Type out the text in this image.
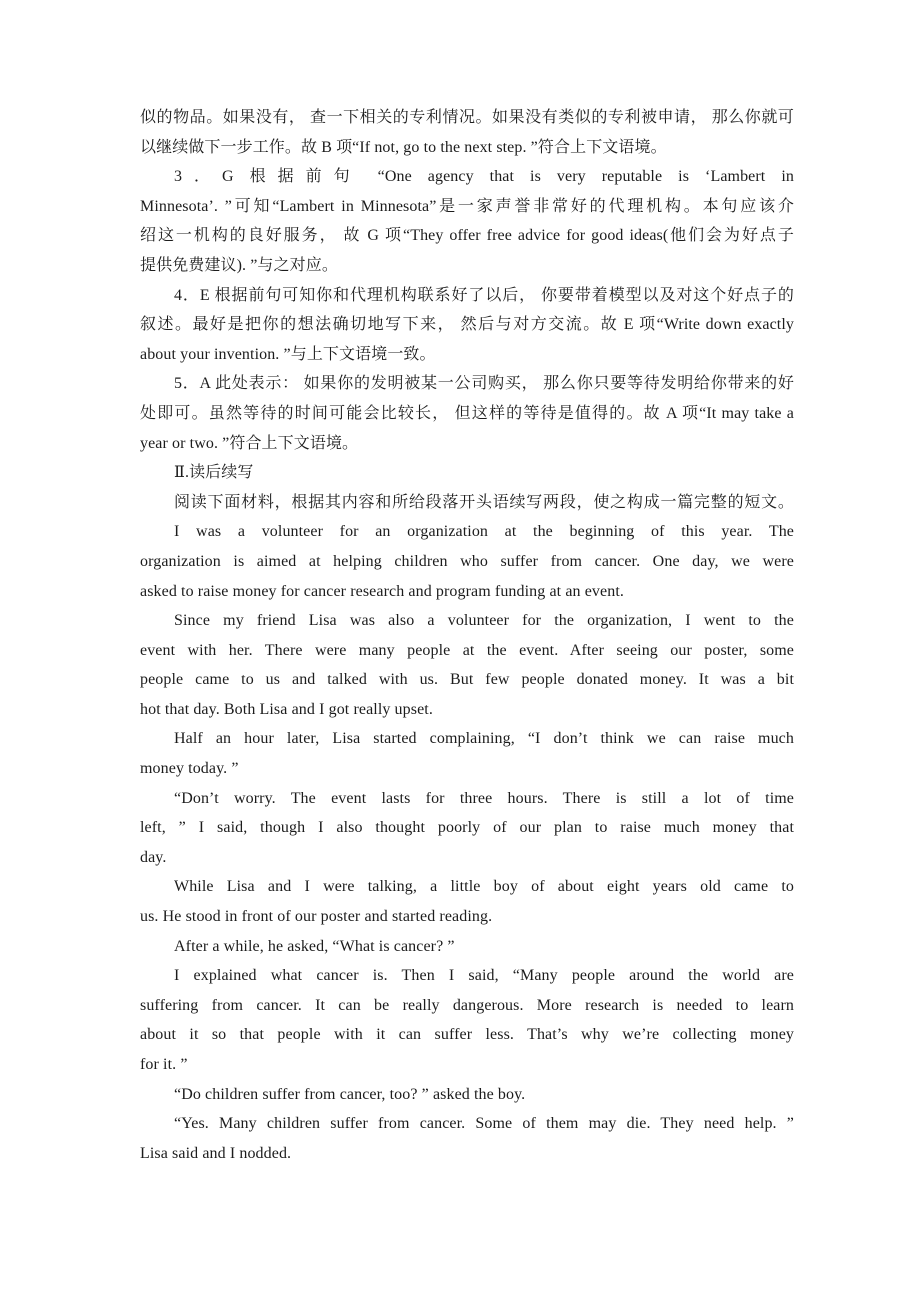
似的物品。如果没有， 查一下相关的专利情况。如果没有类似的专利被申请， 那么你就可
以继续做下一步工作。故 B 项“If not, go to the next step. ”符合上下文语境。
3．G 根据前句 “One agency that is very reputable is ‘Lambert in
Minnesota’. ”可知“Lambert in Minnesota”是一家声誉非常好的代理机构。本句应该介
绍这一机构的良好服务， 故 G 项“They offer free advice for good ideas(他们会为好点子
提供免费建议). ”与之对应。
4．E 根据前句可知你和代理机构联系好了以后， 你要带着模型以及对这个好点子的
叙述。最好是把你的想法确切地写下来， 然后与对方交流。故 E 项“Write down exactly
about your invention. ”与上下文语境一致。
5．A 此处表示： 如果你的发明被某一公司购买， 那么你只要等待发明给你带来的好
处即可。虽然等待的时间可能会比较长， 但这样的等待是值得的。故 A 项“It may take a
year or two. ”符合上下文语境。
Ⅱ.读后续写
阅读下面材料，根据其内容和所给段落开头语续写两段，使之构成一篇完整的短文。
I was a volunteer for an organization at the beginning of this year. The
organization is aimed at helping children who suffer from cancer. One day, we were
asked to raise money for cancer research and program funding at an event.
Since my friend Lisa was also a volunteer for the organization, I went to the
event with her. There were many people at the event. After seeing our poster, some
people came to us and talked with us. But few people donated money. It was a bit
hot that day. Both Lisa and I got really upset.
Half an hour later, Lisa started complaining, “I don’t think we can raise much
money today. ”
“Don’t worry. The event lasts for three hours. There is still a lot of time
left, ” I said, though I also thought poorly of our plan to raise much money that
day.
While Lisa and I were talking, a little boy of about eight years old came to
us. He stood in front of our poster and started reading.
After a while, he asked, “What is cancer? ”
I explained what cancer is. Then I said, “Many people around the world are
suffering from cancer. It can be really dangerous. More research is needed to learn
about it so that people with it can suffer less. That’s why we’re collecting money
for it. ”
“Do children suffer from cancer, too? ” asked the boy.
“Yes. Many children suffer from cancer. Some of them may die. They need help. ”
Lisa said and I nodded.
